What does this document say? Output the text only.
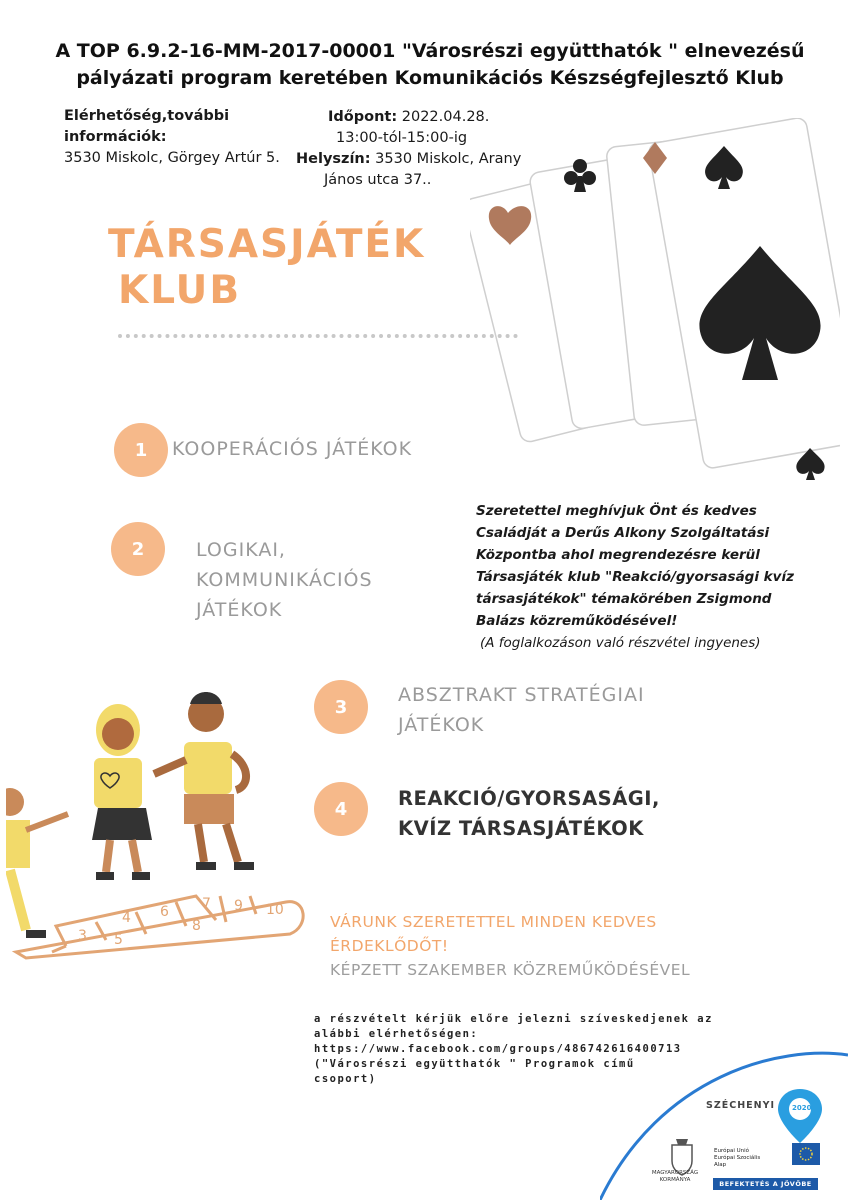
A TOP 6.9.2-16-MM-2017-00001 "Városrészi együtthatók " elnevezésű
pályázati program keretében Komunikációs Készségfejlesztő Klub
Elérhetőség,további információk:
3530 Miskolc, Görgey Artúr 5.
Időpont: 2022.04.28.
13:00-tól-15:00-ig
Helyszín: 3530 Miskolc, Arany
János utca 37..
TÁRSASJÁTÉK
KLUB
1	KOOPERÁCIÓS JÁTÉKOK
2	LOGIKAI,
KOMMUNIKÁCIÓS
JÁTÉKOK
3
ABSZTRAKT STRATÉGIAI
JÁTÉKOK
4	REAKCIÓ/GYORSASÁGI,
KVÍZ TÁRSASJÁTÉKOK
Szeretettel meghívjuk Önt és kedves
Családját a Derűs Alkony Szolgáltatási
Központba ahol megrendezésre kerül
Társasjáték klub "Reakció/gyorsasági kvíz
társasjátékok" témakörében Zsigmond
Balázs közreműködésével!
(A foglalkozáson való részvétel ingyenes)
3 5
4 6
8
7 9 10
VÁRUNK SZERETETTEL MINDEN KEDVES
ÉRDEKLŐDŐT!
KÉPZETT SZAKEMBER KÖZREMŰKÖDÉSÉVEL
a részvételt kérjük előre jelezni szíveskedjenek az
alábbi elérhetőségen:
https://www.facebook.com/groups/486742616400713
("Városrészi együtthatók " Programok című
csoport)
SZÉCHENYI 2020
MAGYARORSZÁG
KORMÁNYA
Európai Unió
Európai Szociális
Alap
BEFEKTETÉS A JÖVŐBE
